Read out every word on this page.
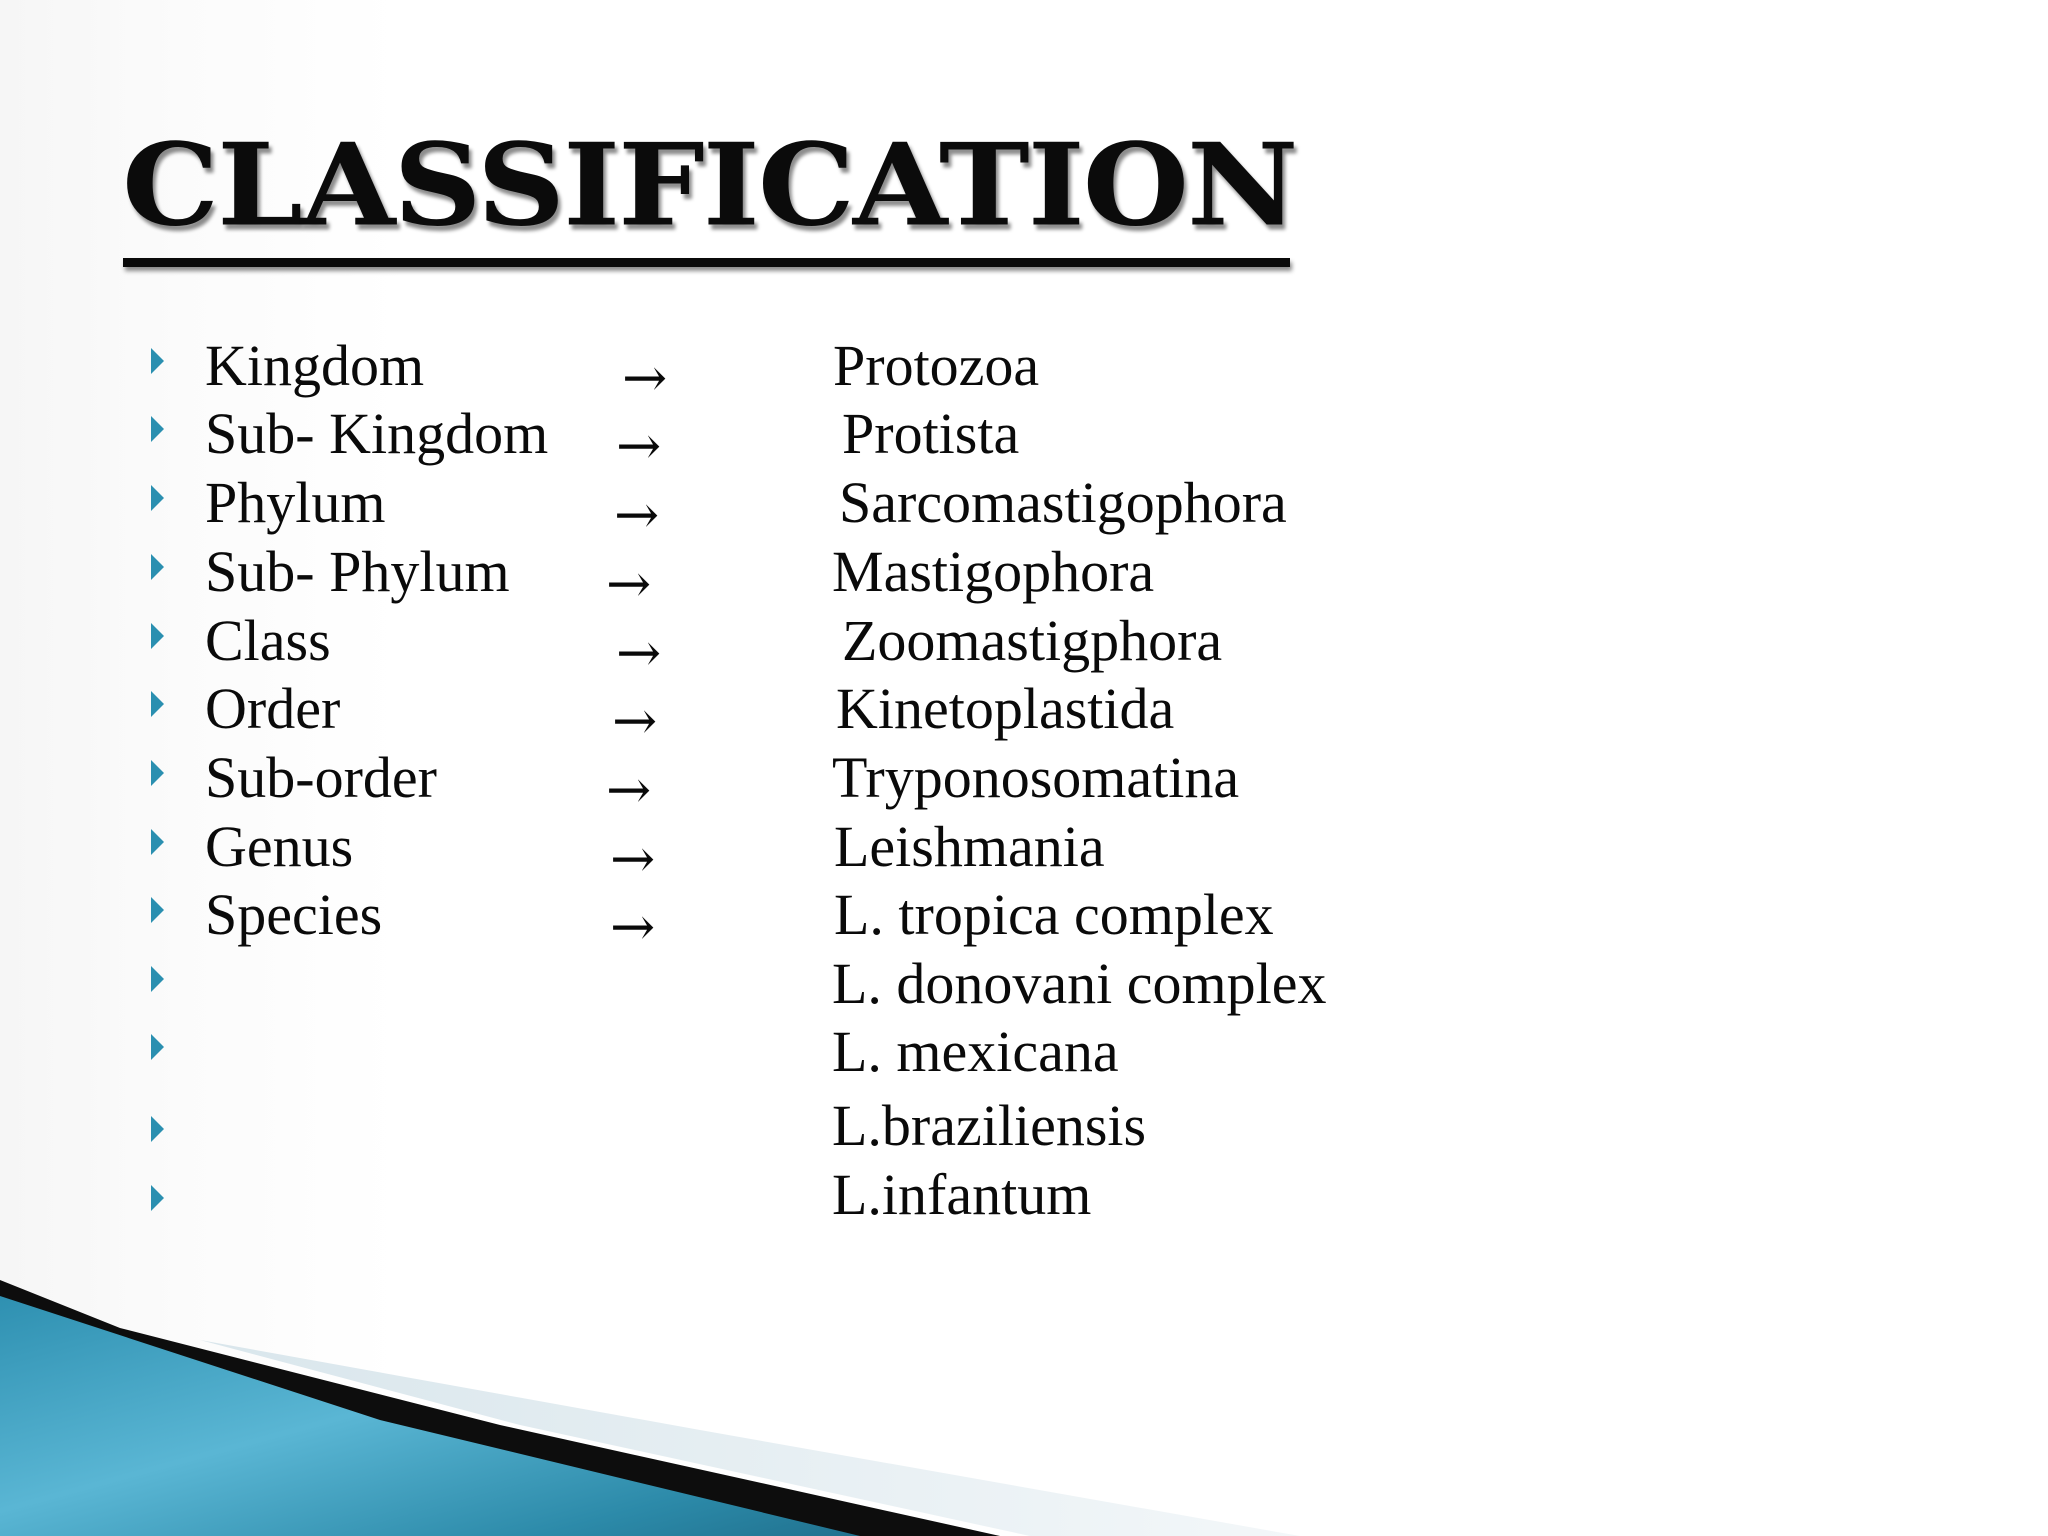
CLASSIFICATION
Kingdom	→	Protozoa
Sub- Kingdom →	Protista
Phylum	→	Sarcomastigophora
Sub- Phylum →	Mastigophora
Class	→	Zoomastigphora
Order	→	Kinetoplastida
Sub-order	→	Tryponosomatina
Genus	→	Leishmania
Species	→	L. tropica complex
L. donovani complex
L. mexicana
L.braziliensis
L.infantum
